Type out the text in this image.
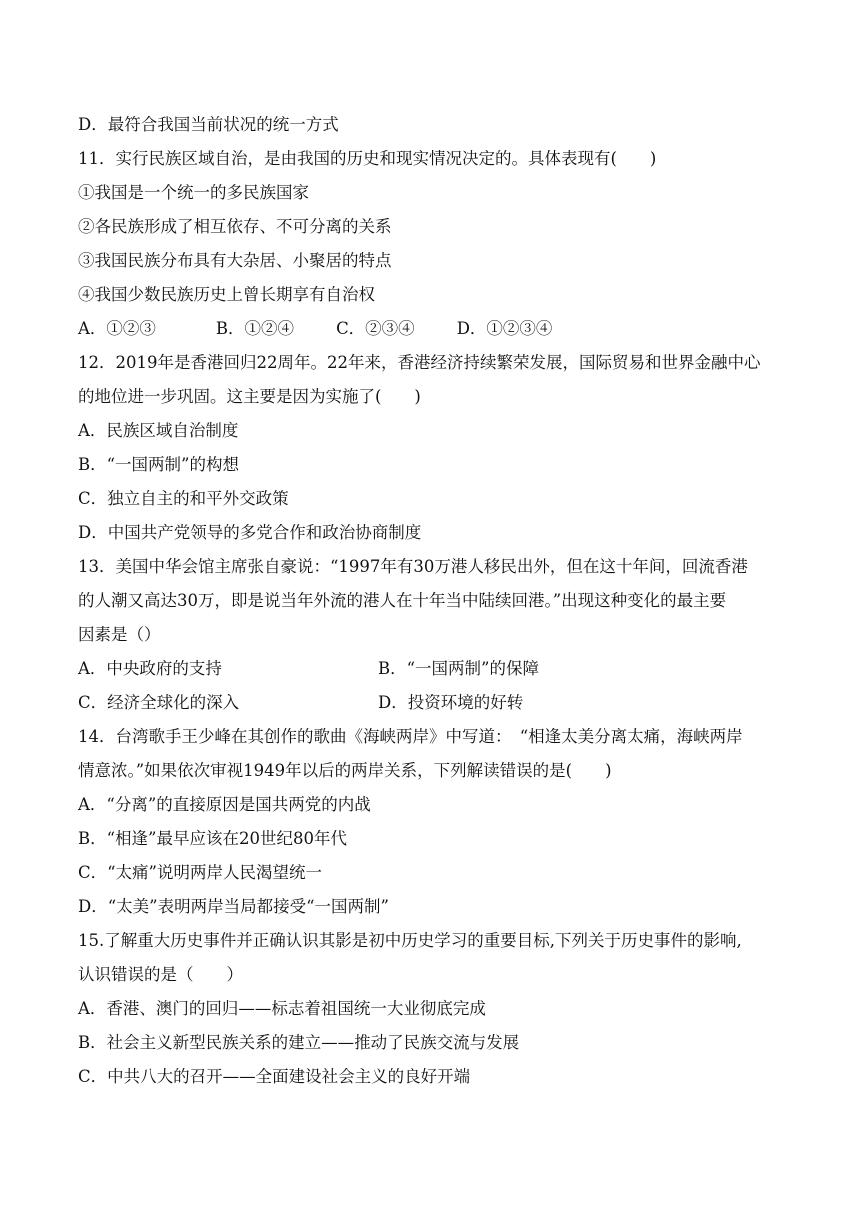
D．最符合我国当前状况的统一方式
11．实行民族区域自治，是由我国的历史和现实情况决定的。具体表现有(　　)
①我国是一个统一的多民族国家
②各民族形成了相互依存、不可分离的关系
③我国民族分布具有大杂居、小聚居的特点
④我国少数民族历史上曾长期享有自治权
A．①②③	B．①②④	C．②③④	D．①②③④
12．2019年是香港回归22周年。22年来，香港经济持续繁荣发展，国际贸易和世界金融中心
的地位进一步巩固。这主要是因为实施了(　　)
A．民族区域自治制度
B．“一国两制”的构想
C．独立自主的和平外交政策
D．中国共产党领导的多党合作和政治协商制度
13．美国中华会馆主席张自豪说：“1997年有30万港人移民出外，但在这十年间，回流香港
的人潮又高达30万，即是说当年外流的港人在十年当中陆续回港。”出现这种变化的最主要
因素是（）
A．中央政府的支持	B．“一国两制”的保障
C．经济全球化的深入	D．投资环境的好转
14．台湾歌手王少峰在其创作的歌曲《海峡两岸》中写道：　“相逢太美分离太痛，海峡两岸
情意浓。”如果依次审视1949年以后的两岸关系，下列解读错误的是(　　)
A．“分离”的直接原因是国共两党的内战
B．“相逢”最早应该在20世纪80年代
C．“太痛”说明两岸人民渴望统一
D．“太美”表明两岸当局都接受“一国两制”
15.了解重大历史事件并正确认识其影是初中历史学习的重要目标,下列关于历史事件的影响,
认识错误的是（　　）
A．香港、澳门的回归——标志着祖国统一大业彻底完成
B．社会主义新型民族关系的建立——推动了民族交流与发展
C．中共八大的召开——全面建设社会主义的良好开端
